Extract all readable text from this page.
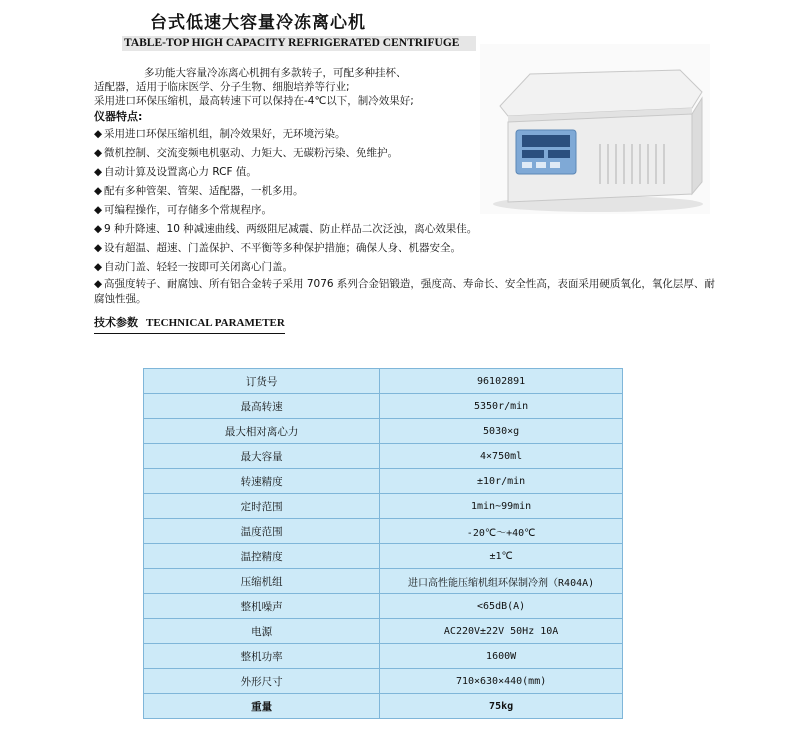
台式低速大容量冷冻离心机
TABLE-TOP HIGH CAPACITY REFRIGERATED CENTRIFUGE

多功能大容量冷冻离心机拥有多款转子，可配多种挂杯、

适配器，适用于临床医学、分子生物、细胞培养等行业;

采用进口环保压缩机，最高转速下可以保持在-4℃以下，制冷效果好;

仪器特点:
◆ 采用进口环保压缩机组，制冷效果好，无环境污染。
◆ 微机控制、交流变频电机驱动、力矩大、无碳粉污染、免维护。
◆ 自动计算及设置离心力 RCF 值。
◆ 配有多种管架、管架、适配器，一机多用。
◆ 可编程操作，可存储多个常规程序。
◆ 9 种升降速、10 种减速曲线、两级阻尼减震、防止样品二次泛浊，离心效果佳。
◆ 设有超温、超速、门盖保护、不平衡等多种保护措施；确保人身、机器安全。
◆ 自动门盖、轻轻一按即可关闭离心门盖。
◆ 高强度转子、耐腐蚀、所有铝合金转子采用 7076 系列合金铝锻造，强度高、寿命长、安全性高，表面采用硬质氧化，氧化层厚、耐腐蚀性强。
技术参数 TECHNICAL PARAMETER
订货号	96102891
最高转速	5350r/min
最大相对离心力	5030×g
最大容量	4×750ml
转速精度	±10r/min
定时范围	1min~99min
温度范围	-20℃～+40℃
温控精度	±1℃
压缩机组	进口高性能压缩机组环保制冷剂（R404A)
整机噪声	<65dB(A)
电源	AC220V±22V 50Hz 10A
整机功率	1600W
外形尺寸	710×630×440(mm)
重量	75kg
